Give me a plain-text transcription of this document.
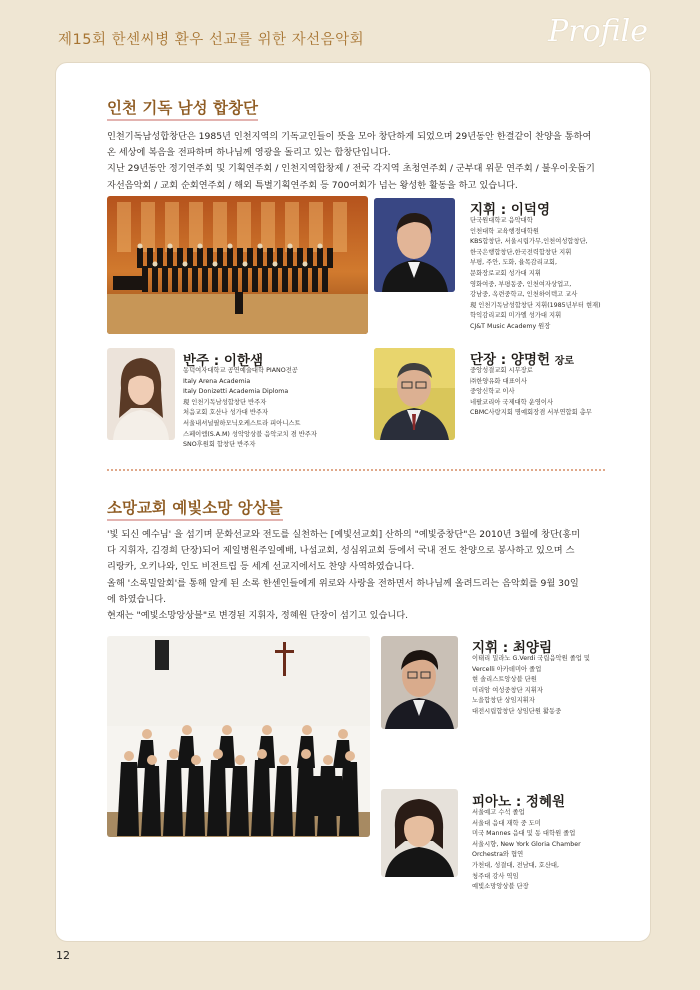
제15회 한센씨병 환우 선교를 위한 자선음악회	Profile
인천 기독 남성 합창단

인천기독남성합창단은 1985년 인천지역의 기독교인들이 뜻을 모아 창단하게 되었으며 29년동안 한결같이 찬양을 통하여

온 세상에 복음을 전파하며 하나님께 영광을 돌리고 있는 합창단입니다.

지난 29년동안 정기연주회 및 기획연주회 / 인천지역합창제 / 전국 각지역 초청연주회 / 군부대 위문 연주회 / 불우이웃돕기

자선음악회 / 교회 순회연주회 / 해외 특별기획연주회 등 700여회가 넘는 왕성한 활동을 하고 있습니다.

지휘 : 이덕영
단국원대학교 음악대학
인천대학 교육행정대학원
KBS합창단, 서울시립가무,인천여성합창단,
한국은행합창단,한국전력합창단 지휘
부평, 주안, 도화, 율목감리교회,
문화장로교회 성가대 지휘
영화여중, 부평동중, 인천여자상업고,
강남중, 옥련중학교, 인천하이텍고 교사
現 인천기독남성합창단 지휘(1985년부터 현재)
학익감리교회 미가엘 성가대 지휘
CJ&T Music Academy 원장
반주 : 이한샘
동덕여자대학교 공연예술대학 PIANO전공
Italy Arena Academia
Italy Donizetti Academia Diploma
現 인천기독남성합창단 반주자
처음교회 호산나 성가대 반주자
서울내셔널필하모닉오케스트라 피아니스트
스페이엠(S.A.M) 성악앙상블 음악코치 겸 반주자
SNO후원회 합창단 반주자
단장 : 양명헌 장로
중앙성결교회 시무장로
㈜한양유화 대표이사
중앙신학교 이사
네팔코리아 국제대학 운영이사
CBMC사랑지회 명예회장겸 서부연합회 총무
소망교회 예빛소망 앙상블

'빛 되신 예수님' 을 섬기며 문화선교와 전도를 실천하는 [예빛선교회] 산하의 "예빛중창단"은 2010년 3월에 창단(홍미

다 지휘자, 김경희 단장)되어 제일병원주일예배, 나섬교회, 성심위교회 등에서 국내 전도 찬양으로 봉사하고 있으며 스

리랑카, 오키나와, 인도 비전트립 등 세계 선교지에서도 찬양 사역하였습니다.

올해 '소록밀알회'를 통해 알게 된 소록 한센인들에게 위로와 사랑을 전하면서 하나님께 올려드리는 음악회를 9월 30일

에 하였습니다.

현재는 "예빛소망앙상블"로 변경된 지휘자, 정혜원 단장이 섬기고 있습니다.

지휘 : 최양림
이태리 밀라노 G.Verdi 국립음악원 졸업 및
Vercelli 아카데미아 졸업
현 솔리스트앙상블 단원
미리암 여성중창단 지휘자
노을합창단 상임지휘자
대전시립합창단 상임단원 활동중
피아노 : 정혜원
서울예고 수석 졸업
서울대 음대 재학 중 도미
미국 Mannes 음대 및 동 대학원 졸업
서울시향, New York Gloria Chamber
Orchestra와 협연
가천대, 성결대, 전남대, 호산대,
청주대 강사 역임
예빛소망앙상블 단장
12
